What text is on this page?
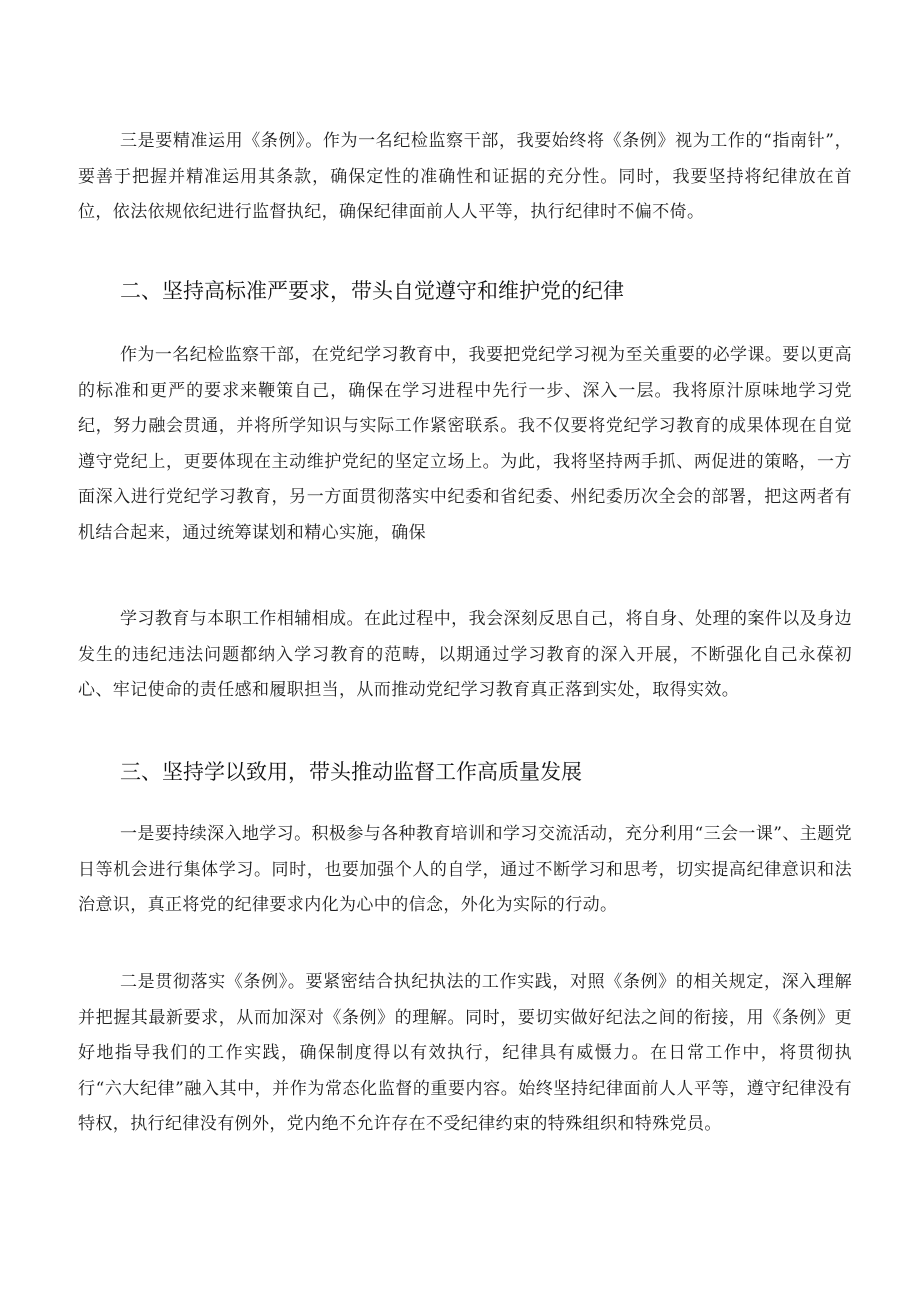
三是要精准运用《条例》。作为一名纪检监察干部，我要始终将《条例》视为工作的“指南针”，要善于把握并精准运用其条款，确保定性的准确性和证据的充分性。同时，我要坚持将纪律放在首位，依法依规依纪进行监督执纪，确保纪律面前人人平等，执行纪律时不偏不倚。

二、坚持高标准严要求，带头自觉遵守和维护党的纪律

作为一名纪检监察干部，在党纪学习教育中，我要把党纪学习视为至关重要的必学课。要以更高的标准和更严的要求来鞭策自己，确保在学习进程中先行一步、深入一层。我将原汁原味地学习党纪，努力融会贯通，并将所学知识与实际工作紧密联系。我不仅要将党纪学习教育的成果体现在自觉遵守党纪上，更要体现在主动维护党纪的坚定立场上。为此，我将坚持两手抓、两促进的策略，一方面深入进行党纪学习教育，另一方面贯彻落实中纪委和省纪委、州纪委历次全会的部署，把这两者有机结合起来，通过统筹谋划和精心实施，确保

学习教育与本职工作相辅相成。在此过程中，我会深刻反思自己，将自身、处理的案件以及身边发生的违纪违法问题都纳入学习教育的范畴，以期通过学习教育的深入开展，不断强化自己永葆初心、牢记使命的责任感和履职担当，从而推动党纪学习教育真正落到实处，取得实效。

三、坚持学以致用，带头推动监督工作高质量发展

一是要持续深入地学习。积极参与各种教育培训和学习交流活动，充分利用“三会一课”、主题党日等机会进行集体学习。同时，也要加强个人的自学，通过不断学习和思考，切实提高纪律意识和法治意识，真正将党的纪律要求内化为心中的信念，外化为实际的行动。

二是贯彻落实《条例》。要紧密结合执纪执法的工作实践，对照《条例》的相关规定，深入理解并把握其最新要求，从而加深对《条例》的理解。同时，要切实做好纪法之间的衔接，用《条例》更好地指导我们的工作实践，确保制度得以有效执行，纪律具有威慑力。在日常工作中，将贯彻执行“六大纪律”融入其中，并作为常态化监督的重要内容。始终坚持纪律面前人人平等，遵守纪律没有特权，执行纪律没有例外，党内绝不允许存在不受纪律约束的特殊组织和特殊党员。
